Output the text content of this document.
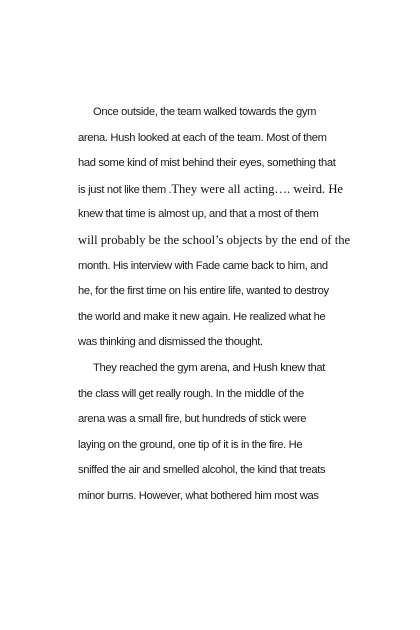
Once outside, the team walked towards the gym
arena. Hush looked at each of the team. Most of them
had some kind of mist behind their eyes, something that
is just not like them .They were all acting…. weird. He
knew that time is almost up, and that a most of them
will probably be the school’s objects by the end of the
month. His interview with Fade came back to him, and
he, for the first time on his entire life, wanted to destroy
the world and make it new again. He realized what he
was thinking and dismissed the thought.
They reached the gym arena, and Hush knew that
the class will get really rough. In the middle of the
arena was a small fire, but hundreds of stick were
laying on the ground, one tip of it is in the fire. He
sniffed the air and smelled alcohol, the kind that treats
minor burns. However, what bothered him most was
